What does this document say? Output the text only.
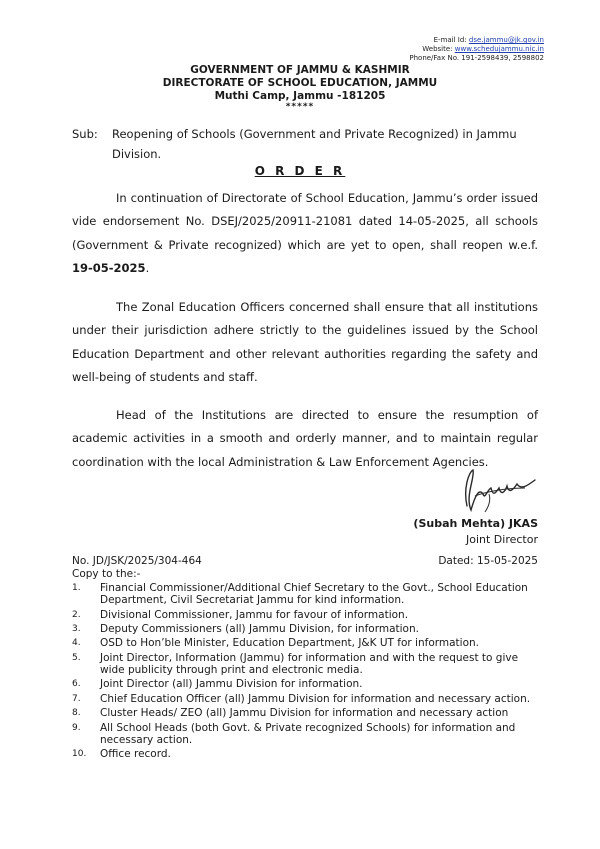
E-mail Id: dse.jammu@jk.gov.in
Website: www.schedujammu.nic.in
Phone/Fax No. 191-2598439, 2598802
GOVERNMENT OF JAMMU & KASHMIR
DIRECTORATE OF SCHOOL EDUCATION, JAMMU
Muthi Camp, Jammu -181205
*****
Sub:	Reopening of Schools (Government and Private Recognized) in Jammu Division.
O R D E R

In continuation of Directorate of School Education, Jammu’s order issued vide endorsement No. DSEJ/2025/20911-21081 dated 14-05-2025, all schools (Government & Private recognized) which are yet to open, shall reopen w.e.f. 19-05-2025.

The Zonal Education Officers concerned shall ensure that all institutions under their jurisdiction adhere strictly to the guidelines issued by the School Education Department and other relevant authorities regarding the safety and well-being of students and staff.

Head of the Institutions are directed to ensure the resumption of academic activities in a smooth and orderly manner, and to maintain regular coordination with the local Administration & Law Enforcement Agencies.

(Subah Mehta) JKAS
Joint Director
No. JD/JSK/2025/304-464	Dated: 15-05-2025
Copy to the:-
1. Financial Commissioner/Additional Chief Secretary to the Govt., School Education Department, Civil Secretariat Jammu for kind information.
2. Divisional Commissioner, Jammu for favour of information.
3. Deputy Commissioners (all) Jammu Division, for information.
4. OSD to Hon’ble Minister, Education Department, J&K UT for information.
5. Joint Director, Information (Jammu) for information and with the request to give wide publicity through print and electronic media.
6. Joint Director (all) Jammu Division for information.
7. Chief Education Officer (all) Jammu Division for information and necessary action.
8. Cluster Heads/ ZEO (all) Jammu Division for information and necessary action
9. All School Heads (both Govt. & Private recognized Schools) for information and necessary action.
10. Office record.
